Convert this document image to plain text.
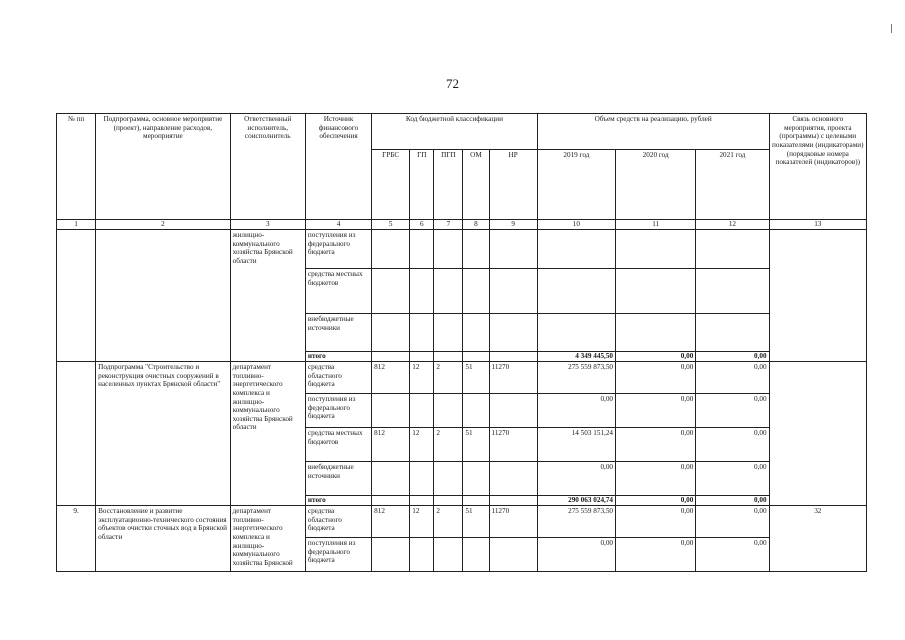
72
№ пп	Подпрограмма, основное мероприятие (проект), направление расходов, мероприятие	Ответственный исполнитель, соисполнитель	Источник финансового обеспечения	Код бюджетной классификации					Объем средств на реализацию, рублей			Связь основного мероприятия, проекта (программы) с целевыми показателями (индикаторами) (порядковые номера показателей (индикаторов))
				ГРБС	ГП	ПГП	ОМ	НР	2019 год	2020 год	2021 год	
1	2	3	4	5	6	7	8	9	10	11	12	13
		жилищно-коммунального хозяйства Брянской области	поступления из федерального бюджета									
			средства местных бюджетов									
			внебюджетные источники									
			итого						4 349 445,50	0,00	0,00	
	Подпрограмма "Строительство и реконструкция очистных сооружений в населенных пунктах Брянской области"	департамент топливно-энергетического комплекса и жилищно-коммунального хозяйства Брянской области	средства областного бюджета	812	12	2	51	11270	275 559 873,50	0,00	0,00	
			поступления из федерального бюджета						0,00	0,00	0,00	
			средства местных бюджетов	812	12	2	51	11270	14 503 151,24	0,00	0,00	
			внебюджетные источники						0,00	0,00	0,00	
			итого						290 063 024,74	0,00	0,00	
9.	Восстановление и развитие эксплуатационно-технического состояния объектов очистки сточных вод в Брянской области	департамент топливно-энергетического комплекса и жилищно-коммунального хозяйства Брянской	средства областного бюджета	812	12	2	51	11270	275 559 873,50	0,00	0,00	32
			поступления из федерального бюджета						0,00	0,00	0,00	
